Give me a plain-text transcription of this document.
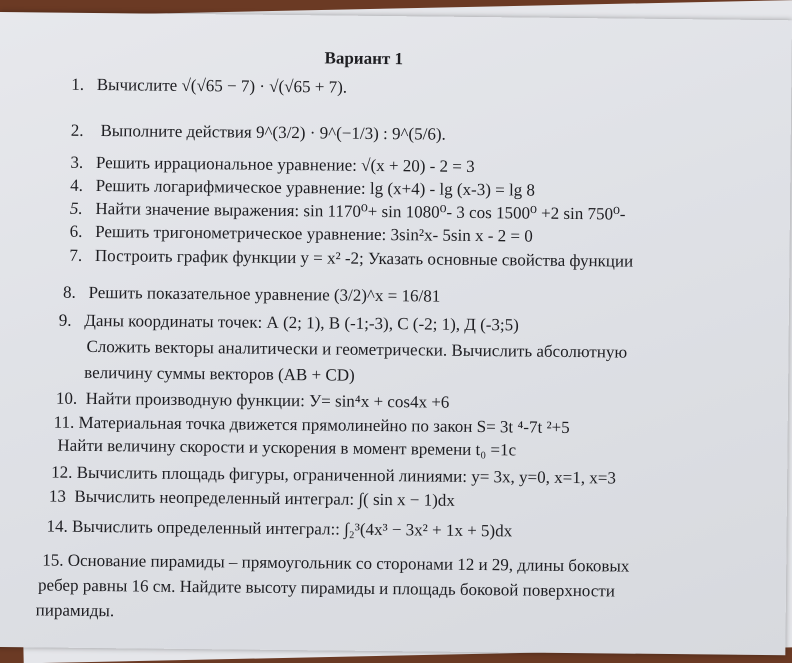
Вариант 1
1. Вычислите √(√65 − 7) · √(√65 + 7).
2. Выполните действия 9^(3/2) · 9^(−1/3) : 9^(5/6).
3. Решить иррациональное уравнение: √(x + 20) - 2 = 3
4. Решить логарифмическое уравнение: lg (x+4) - lg (x-3) = lg 8
5. Найти значение выражения: sin 1170⁰+ sin 1080⁰- 3 cos 1500⁰ +2 sin 750⁰-
6. Решить тригонометрическое уравнение: 3sin²x- 5sin x - 2 = 0
7. Построить график функции y = x² -2; Указать основные свойства функции
8. Решить показательное уравнение (3/2)^x = 16/81
9. Даны координаты точек: А (2; 1), В (-1;-3), С (-2; 1), Д (-3;5)
Сложить векторы аналитически и геометрически. Вычислить абсолютную
величину суммы векторов (AB + CD)
10. Найти производную функции: У= sin⁴x + cos4x +6
11. Материальная точка движется прямолинейно по закон S= 3t ⁴-7t ²+5
Найти величину скорости и ускорения в момент времени t₀ =1с
12. Вычислить площадь фигуры, ограниченной линиями: y= 3x, y=0, x=1, x=3
13 Вычислить неопределенный интеграл: ∫( sin x − 1)dx
14. Вычислить определенный интеграл:: ∫₂³(4x³ − 3x² + 1x + 5)dx
15. Основание пирамиды – прямоугольник со сторонами 12 и 29, длины боковых
ребер равны 16 см. Найдите высоту пирамиды и площадь боковой поверхности
пирамиды.
